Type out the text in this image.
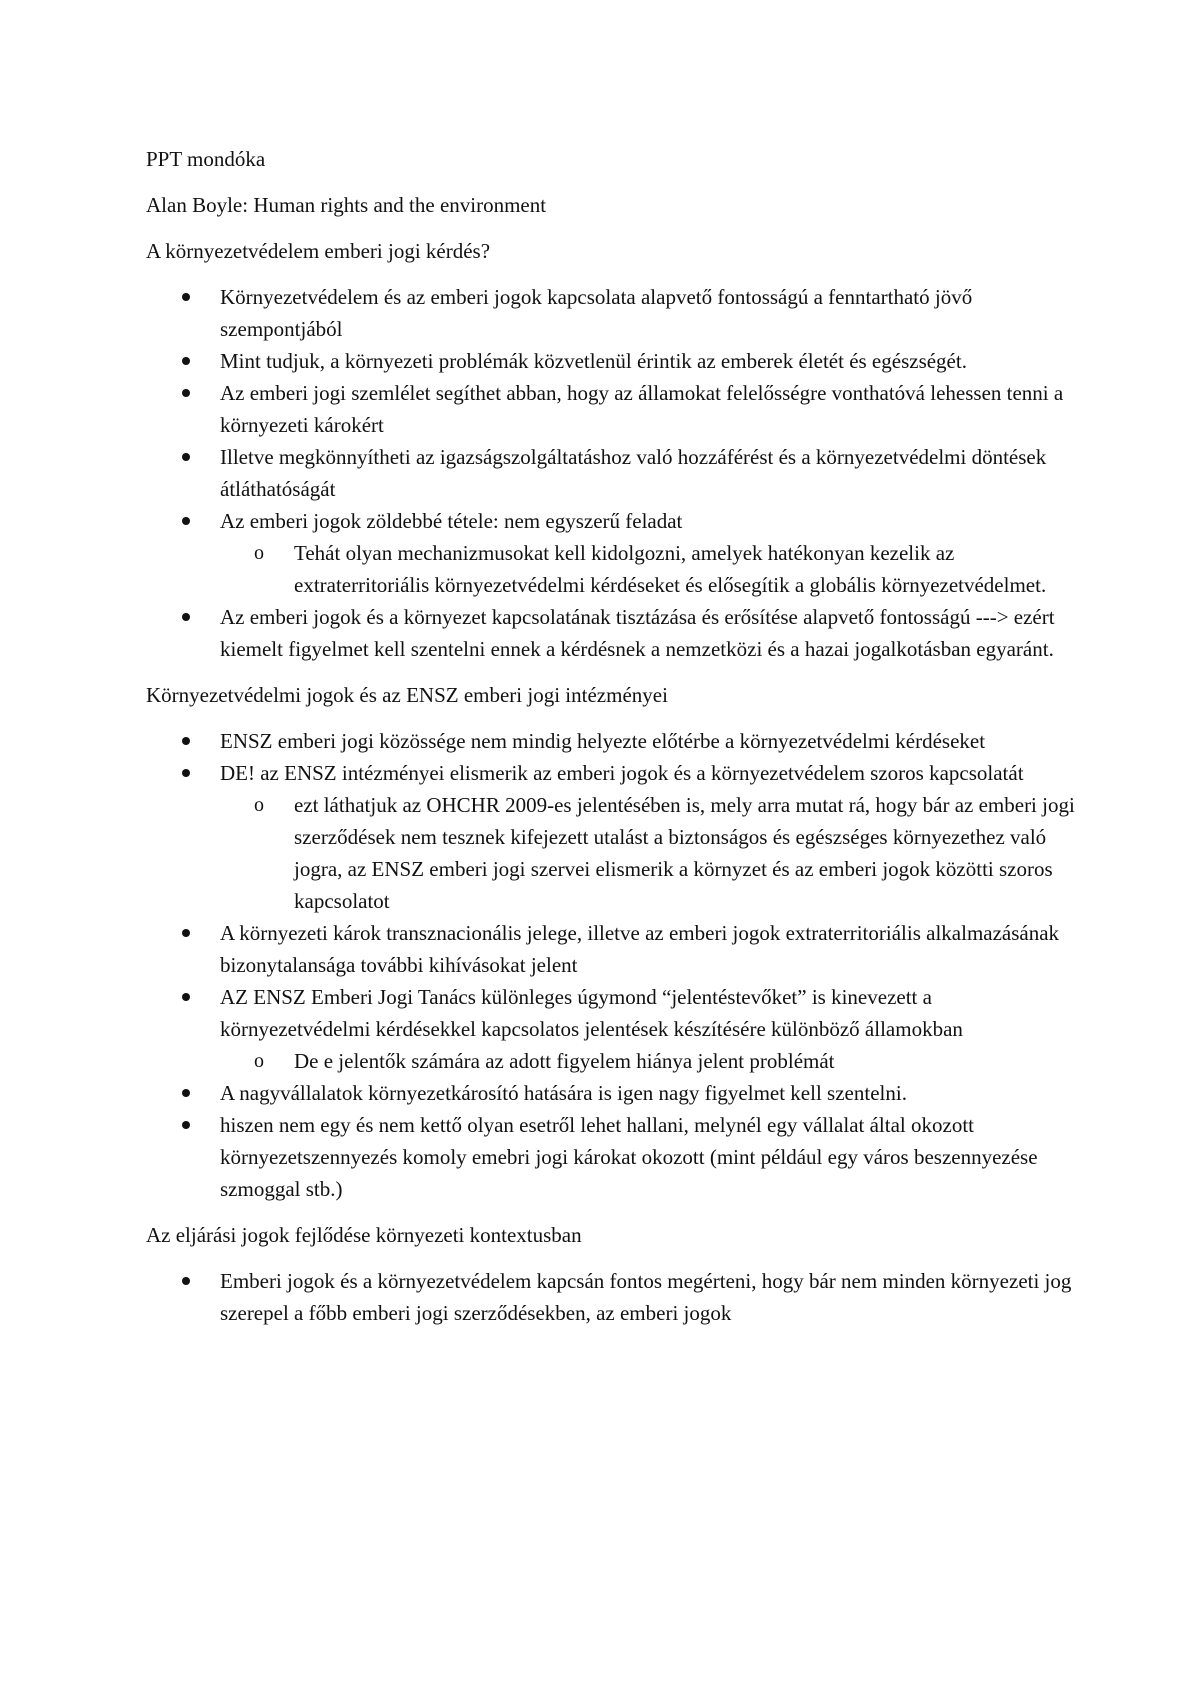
PPT mondóka

Alan Boyle: Human rights and the environment

A környezetvédelem emberi jogi kérdés?

Környezetvédelem és az emberi jogok kapcsolata alapvető fontosságú a fenntartható jövő szempontjából
Mint tudjuk, a környezeti problémák közvetlenül érintik az emberek életét és egészségét.
Az emberi jogi szemlélet segíthet abban, hogy az államokat felelősségre vonthatóvá lehessen tenni a környezeti károkért
Illetve megkönnyítheti az igazságszolgáltatáshoz való hozzáférést és a környezetvédelmi döntések átláthatóságát
Az emberi jogok zöldebbé tétele: nem egyszerű feladat
o Tehát olyan mechanizmusokat kell kidolgozni, amelyek hatékonyan kezelik az extraterritoriális környezetvédelmi kérdéseket és elősegítik a globális környezetvédelmet.
Az emberi jogok és a környezet kapcsolatának tisztázása és erősítése alapvető fontosságú ---> ezért kiemelt figyelmet kell szentelni ennek a kérdésnek a nemzetközi és a hazai jogalkotásban egyaránt.

Környezetvédelmi jogok és az ENSZ emberi jogi intézményei

ENSZ emberi jogi közössége nem mindig helyezte előtérbe a környezetvédelmi kérdéseket
DE! az ENSZ intézményei elismerik az emberi jogok és a környezetvédelem szoros kapcsolatát
o ezt láthatjuk az OHCHR 2009-es jelentésében is, mely arra mutat rá, hogy bár az emberi jogi szerződések nem tesznek kifejezett utalást a biztonságos és egészséges környezethez való jogra, az ENSZ emberi jogi szervei elismerik a környzet és az emberi jogok közötti szoros kapcsolatot
A környezeti károk transznacionális jelege, illetve az emberi jogok extraterritoriális alkalmazásának bizonytalansága további kihívásokat jelent
AZ ENSZ Emberi Jogi Tanács különleges úgymond “jelentéstevőket” is kinevezett a környezetvédelmi kérdésekkel kapcsolatos jelentések készítésére különböző államokban
o De e jelentők számára az adott figyelem hiánya jelent problémát
A nagyvállalatok környezetkárosító hatására is igen nagy figyelmet kell szentelni.
hiszen nem egy és nem kettő olyan esetről lehet hallani, melynél egy vállalat által okozott környezetszennyezés komoly emebri jogi károkat okozott (mint például egy város beszennyezése szmoggal stb.)

Az eljárási jogok fejlődése környezeti kontextusban

Emberi jogok és a környezetvédelem kapcsán fontos megérteni, hogy bár nem minden környezeti jog szerepel a főbb emberi jogi szerződésekben, az emberi jogok
